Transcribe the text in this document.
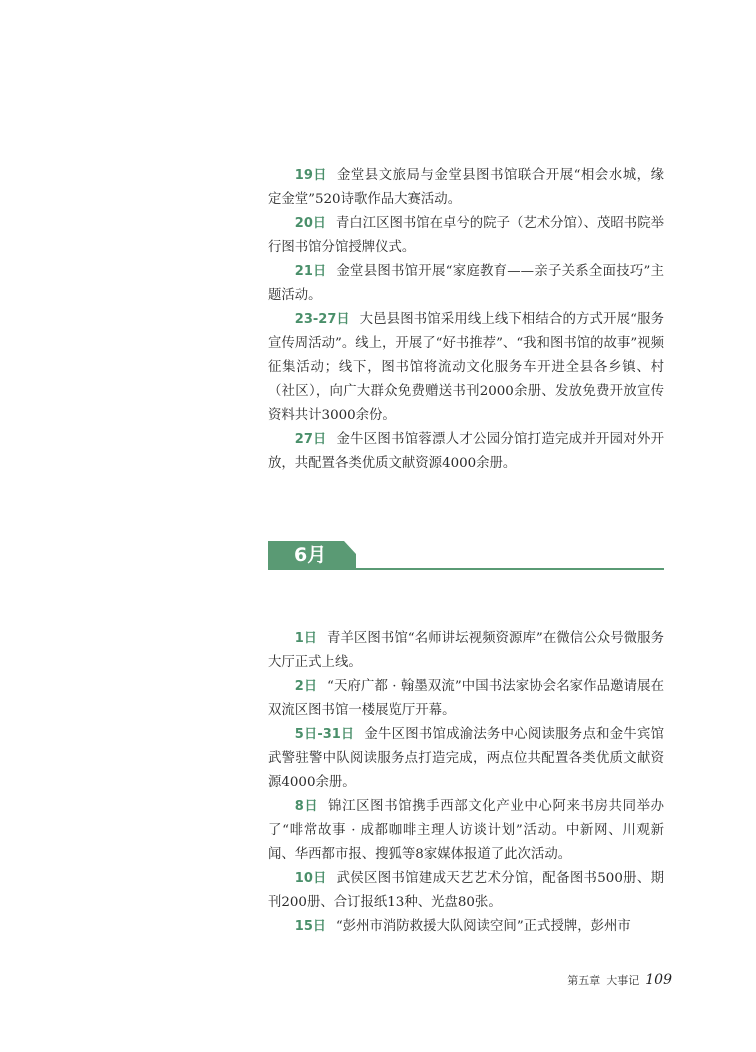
19日 金堂县文旅局与金堂县图书馆联合开展“相会水城，缘定金堂”520诗歌作品大赛活动。

20日 青白江区图书馆在卓兮的院子（艺术分馆）、茂昭书院举行图书馆分馆授牌仪式。

21日 金堂县图书馆开展“家庭教育——亲子关系全面技巧”主题活动。

23-27日 大邑县图书馆采用线上线下相结合的方式开展“服务宣传周活动”。线上，开展了“好书推荐”、“我和图书馆的故事”视频征集活动；线下，图书馆将流动文化服务车开进全县各乡镇、村（社区），向广大群众免费赠送书刊2000余册、发放免费开放宣传资料共计3000余份。

27日 金牛区图书馆蓉漂人才公园分馆打造完成并开园对外开放，共配置各类优质文献资源4000余册。

6月

1日 青羊区图书馆“名师讲坛视频资源库”在微信公众号微服务大厅正式上线。

2日 “天府广都 · 翰墨双流”中国书法家协会名家作品邀请展在双流区图书馆一楼展览厅开幕。

5日-31日 金牛区图书馆成渝法务中心阅读服务点和金牛宾馆武警驻警中队阅读服务点打造完成，两点位共配置各类优质文献资源4000余册。

8日 锦江区图书馆携手西部文化产业中心阿来书房共同举办了“啡常故事 · 成都咖啡主理人访谈计划”活动。中新网、川观新闻、华西都市报、搜狐等8家媒体报道了此次活动。

10日 武侯区图书馆建成天艺艺术分馆，配备图书500册、期刊200册、合订报纸13种、光盘80张。

15日 “彭州市消防救援大队阅读空间”正式授牌，彭州市

第五章 大事记 109
